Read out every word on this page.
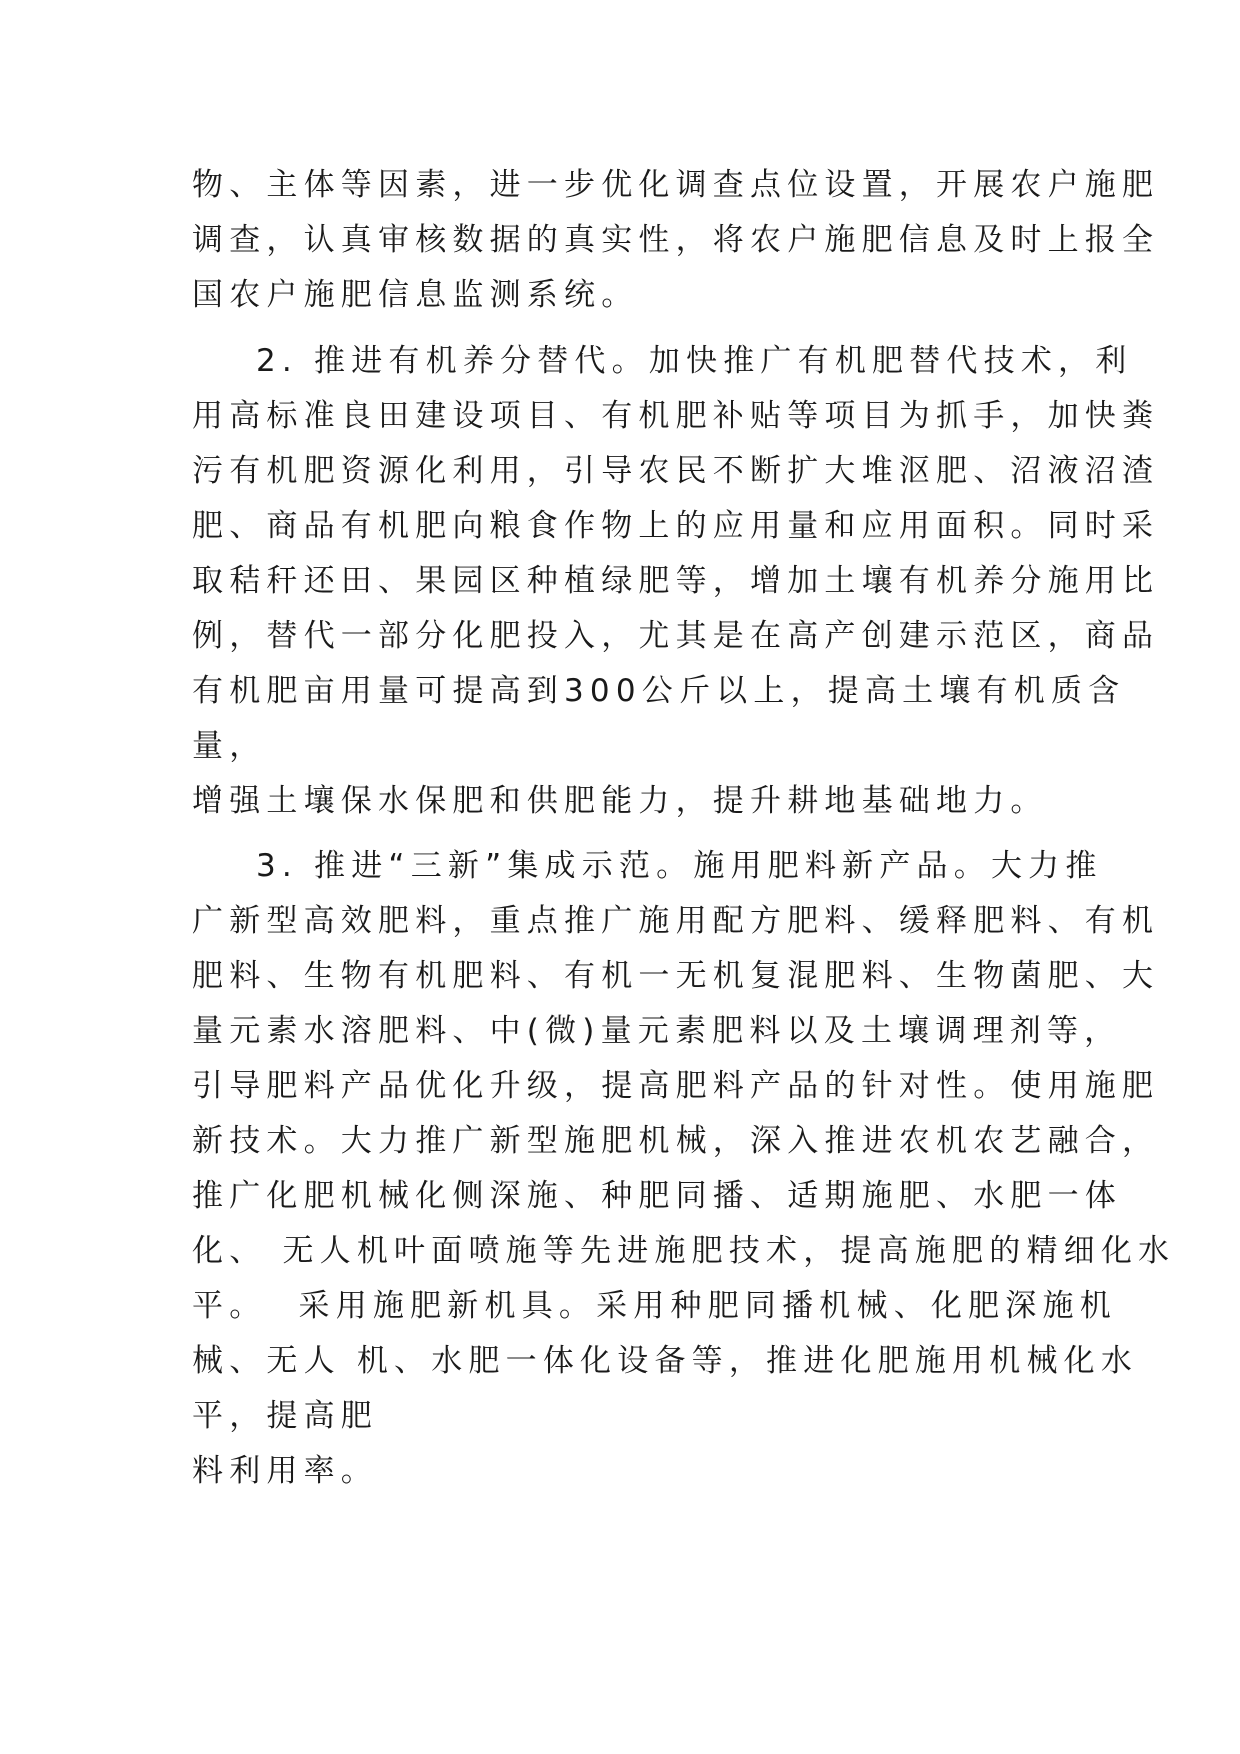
物、主体等因素，进一步优化调查点位设置，开展农户施肥
调查，认真审核数据的真实性，将农户施肥信息及时上报全
国农户施肥信息监测系统。
2. 推进有机养分替代。加快推广有机肥替代技术，利
用高标准良田建设项目、有机肥补贴等项目为抓手，加快粪
污有机肥资源化利用，引导农民不断扩大堆沤肥、沼液沼渣
肥、商品有机肥向粮食作物上的应用量和应用面积。同时采
取秸秆还田、果园区种植绿肥等，增加土壤有机养分施用比
例，替代一部分化肥投入，尤其是在高产创建示范区，商品
有机肥亩用量可提高到300公斤以上，提高土壤有机质含
量，
增强土壤保水保肥和供肥能力，提升耕地基础地力。
3. 推进“三新”集成示范。施用肥料新产品。大力推
广新型高效肥料，重点推广施用配方肥料、缓释肥料、有机
肥料、生物有机肥料、有机一无机复混肥料、生物菌肥、大
量元素水溶肥料、中(微)量元素肥料以及土壤调理剂等，
引导肥料产品优化升级，提高肥料产品的针对性。使用施肥
新技术。大力推广新型施肥机械，深入推进农机农艺融合，
推广化肥机械化侧深施、种肥同播、适期施肥、水肥一体
化、 无人机叶面喷施等先进施肥技术，提高施肥的精细化水
平。  采用施肥新机具。采用种肥同播机械、化肥深施机
械、无人 机、水肥一体化设备等，推进化肥施用机械化水
平，提高肥
料利用率。
